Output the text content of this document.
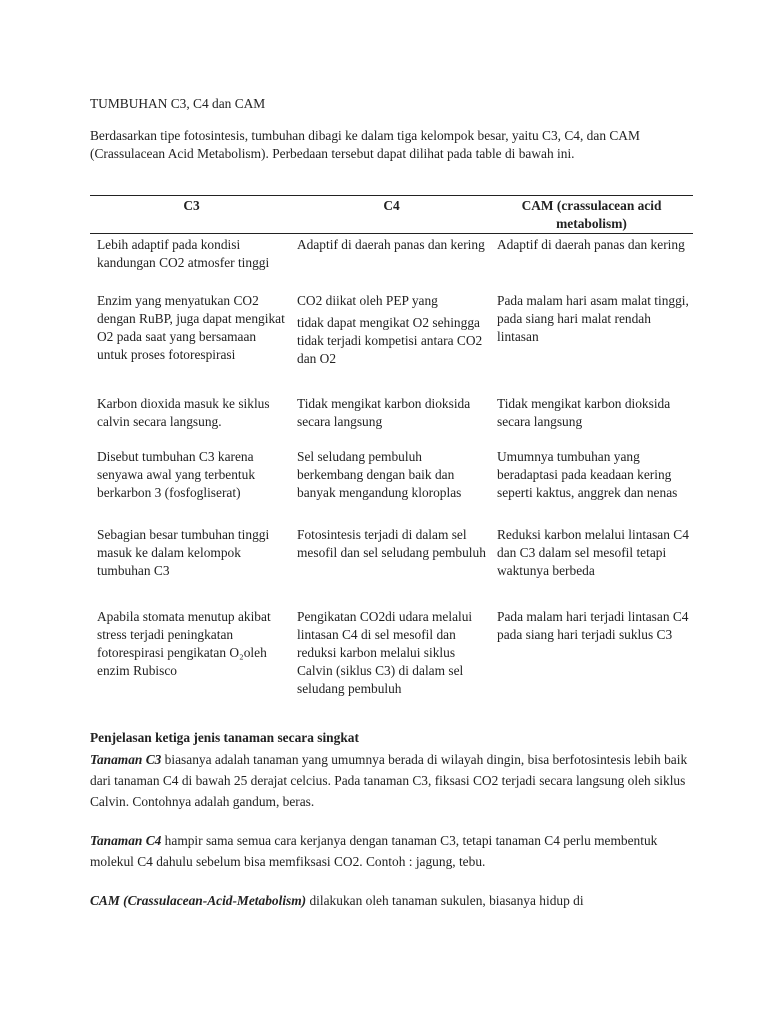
TUMBUHAN C3, C4 dan CAM

Berdasarkan tipe fotosintesis, tumbuhan dibagi ke dalam tiga kelompok besar, yaitu C3, C4, dan CAM (Crassulacean Acid Metabolism). Perbedaan tersebut dapat dilihat pada table di bawah ini.

C3	C4	CAM (crassulacean acid metabolism)
Lebih adaptif pada kondisi kandungan CO2 atmosfer tinggi
Adaptif di daerah panas dan kering Adaptif di daerah panas dan kering
Enzim yang menyatukan CO2 dengan RuBP, juga dapat mengikat O2 pada saat yang bersamaan untuk proses fotorespirasi

CO2 diikat oleh PEP yang

tidak dapat mengikat O2 sehingga tidak terjadi kompetisi antara CO2 dan O2

Pada malam hari asam malat tinggi, pada siang hari malat rendah lintasan
Karbon dioxida masuk ke siklus calvin secara langsung.
Tidak mengikat karbon dioksida secara langsung
Tidak mengikat karbon dioksida secara langsung
Disebut tumbuhan C3 karena senyawa awal yang terbentuk berkarbon 3 (fosfogliserat)
Sel seludang pembuluh berkembang dengan baik dan banyak mengandung kloroplas
Umumnya tumbuhan yang beradaptasi pada keadaan kering seperti kaktus, anggrek dan nenas
Sebagian besar tumbuhan tinggi masuk ke dalam kelompok tumbuhan C3
Fotosintesis terjadi di dalam sel mesofil dan sel seludang pembuluh
Reduksi karbon melalui lintasan C4 dan C3 dalam sel mesofil tetapi waktunya berbeda
Apabila stomata menutup akibat stress terjadi peningkatan fotorespirasi pengikatan O₂oleh enzim Rubisco
Pengikatan CO2di udara melalui lintasan C4 di sel mesofil dan reduksi karbon melalui siklus Calvin (siklus C3) di dalam sel seludang pembuluh
Pada malam hari terjadi lintasan C4 pada siang hari terjadi suklus C3
Penjelasan ketiga jenis tanaman secara singkat

Tanaman C3 biasanya adalah tanaman yang umumnya berada di wilayah dingin, bisa berfotosintesis lebih baik dari tanaman C4 di bawah 25 derajat celcius. Pada tanaman C3, fiksasi CO2 terjadi secara langsung oleh siklus Calvin. Contohnya adalah gandum, beras.

Tanaman C4 hampir sama semua cara kerjanya dengan tanaman C3, tetapi tanaman C4 perlu membentuk molekul C4 dahulu sebelum bisa memfiksasi CO2. Contoh : jagung, tebu.

CAM (Crassulacean-Acid-Metabolism) dilakukan oleh tanaman sukulen, biasanya hidup di
